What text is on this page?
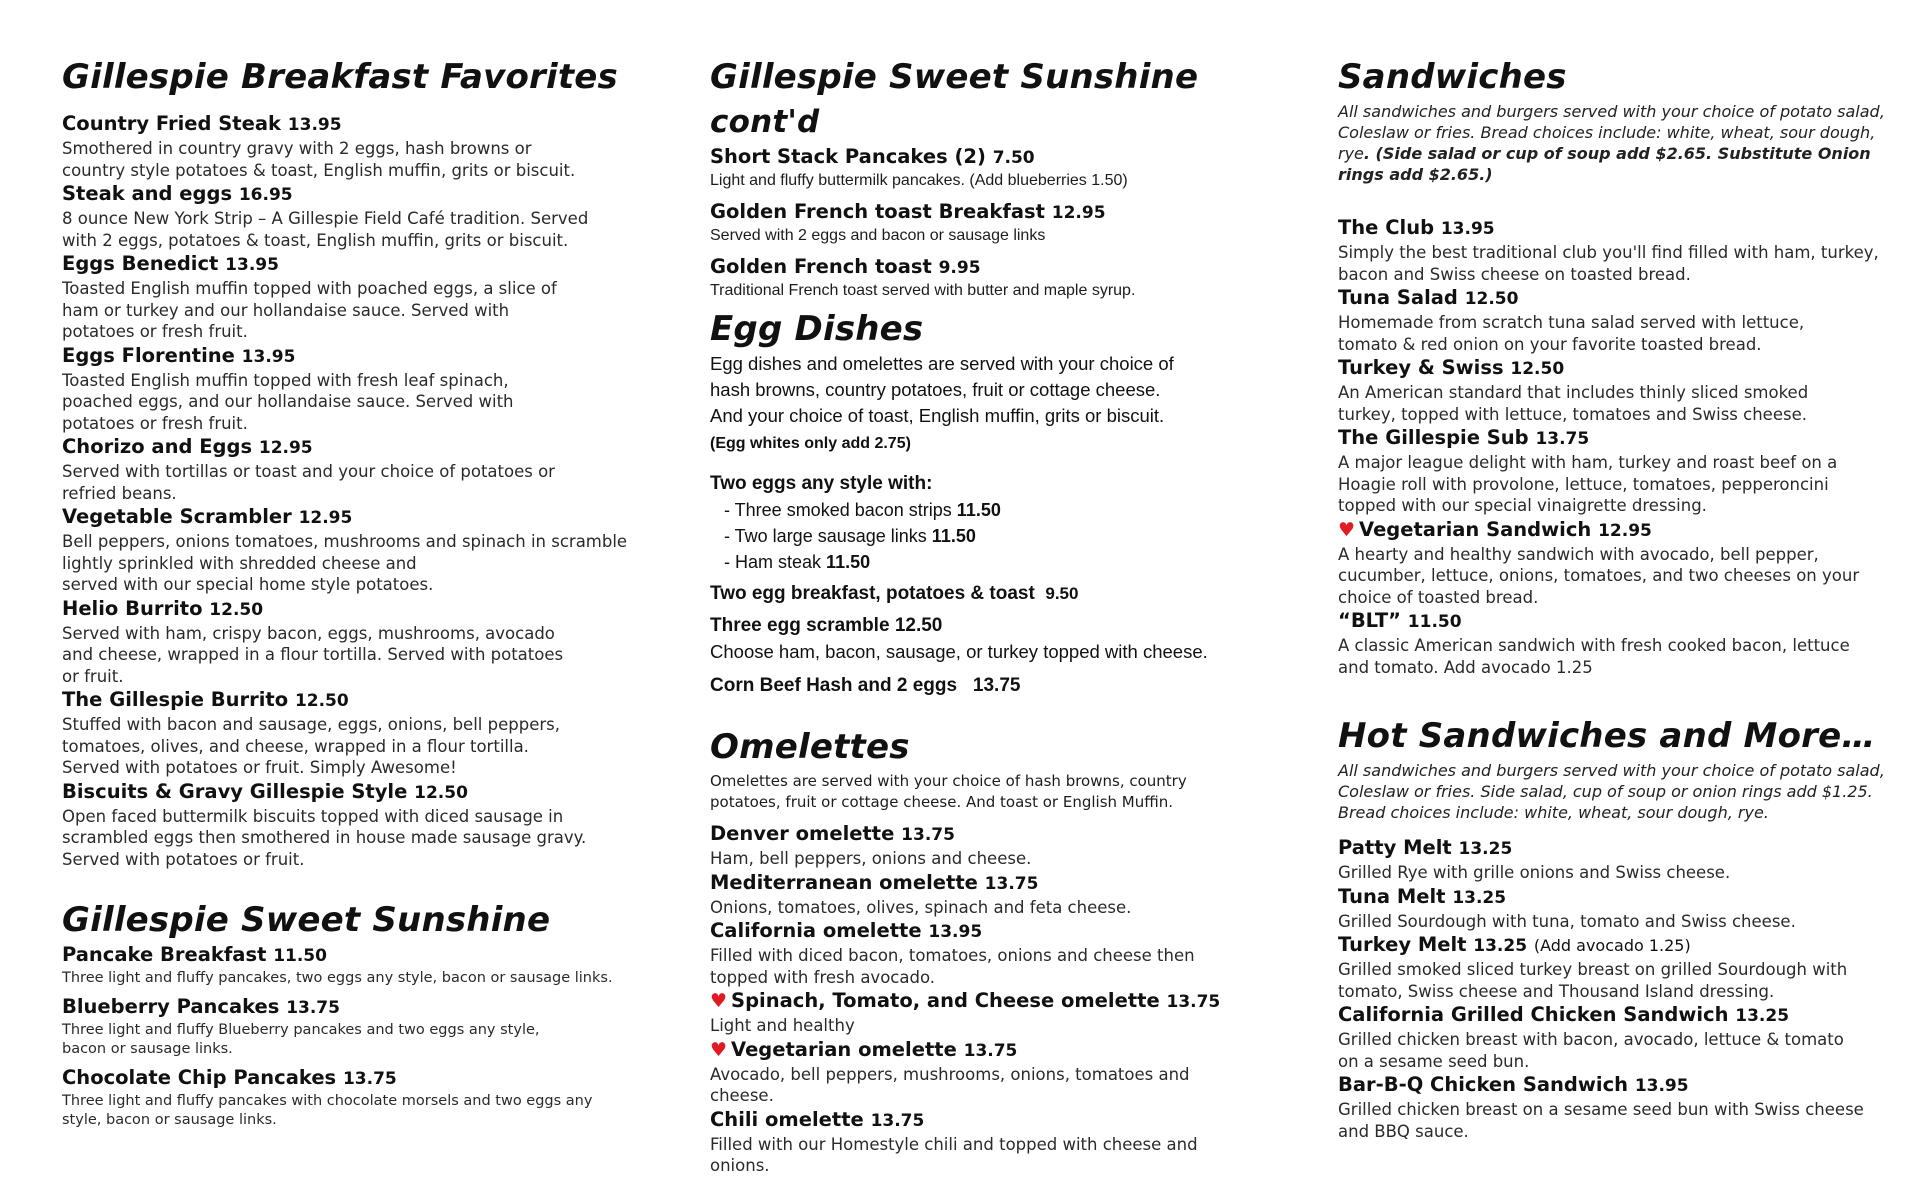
Gillespie Breakfast Favorites
Country Fried Steak 13.95

Smothered in country gravy with 2 eggs, hash browns or

country style potatoes & toast, English muffin, grits or biscuit.

Steak and eggs 16.95

8 ounce New York Strip – A Gillespie Field Café tradition. Served

with 2 eggs, potatoes & toast, English muffin, grits or biscuit.

Eggs Benedict 13.95

Toasted English muffin topped with poached eggs, a slice of

ham or turkey and our hollandaise sauce. Served with

potatoes or fresh fruit.

Eggs Florentine 13.95

Toasted English muffin topped with fresh leaf spinach,

poached eggs, and our hollandaise sauce. Served with

potatoes or fresh fruit.

Chorizo and Eggs 12.95

Served with tortillas or toast and your choice of potatoes or

refried beans.

Vegetable Scrambler 12.95

Bell peppers, onions tomatoes, mushrooms and spinach in scramble

lightly sprinkled with shredded cheese and

served with our special home style potatoes.

Helio Burrito 12.50

Served with ham, crispy bacon, eggs, mushrooms, avocado

and cheese, wrapped in a flour tortilla. Served with potatoes

or fruit.

The Gillespie Burrito 12.50

Stuffed with bacon and sausage, eggs, onions, bell peppers,

tomatoes, olives, and cheese, wrapped in a flour tortilla.

Served with potatoes or fruit. Simply Awesome!

Biscuits & Gravy Gillespie Style 12.50

Open faced buttermilk biscuits topped with diced sausage in

scrambled eggs then smothered in house made sausage gravy.

Served with potatoes or fruit.

Gillespie Sweet Sunshine
Pancake Breakfast 11.50

Three light and fluffy pancakes, two eggs any style, bacon or sausage links.

Blueberry Pancakes 13.75

Three light and fluffy Blueberry pancakes and two eggs any style,

bacon or sausage links.

Chocolate Chip Pancakes 13.75

Three light and fluffy pancakes with chocolate morsels and two eggs any

style, bacon or sausage links.

Gillespie Sweet Sunshine cont'd
Short Stack Pancakes (2) 7.50

Light and fluffy buttermilk pancakes. (Add blueberries 1.50)

Golden French toast Breakfast 12.95

Served with 2 eggs and bacon or sausage links

Golden French toast 9.95

Traditional French toast served with butter and maple syrup.

Egg Dishes

Egg dishes and omelettes are served with your choice of

hash browns, country potatoes, fruit or cottage cheese.

And your choice of toast, English muffin, grits or biscuit.

(Egg whites only add 2.75)

Two eggs any style with:

- Three smoked bacon strips 11.50

- Two large sausage links 11.50

- Ham steak 11.50

Two egg breakfast, potatoes & toast 9.50

Three egg scramble 12.50

Choose ham, bacon, sausage, or turkey topped with cheese.

Corn Beef Hash and 2 eggs 13.75

Omelettes

Omelettes are served with your choice of hash browns, country

potatoes, fruit or cottage cheese. And toast or English Muffin.

Denver omelette 13.75

Ham, bell peppers, onions and cheese.

Mediterranean omelette 13.75

Onions, tomatoes, olives, spinach and feta cheese.

California omelette 13.95

Filled with diced bacon, tomatoes, onions and cheese then

topped with fresh avocado.

♥ Spinach, Tomato, and Cheese omelette 13.75

Light and healthy

♥ Vegetarian omelette 13.75

Avocado, bell peppers, mushrooms, onions, tomatoes and

cheese.

Chili omelette 13.75

Filled with our Homestyle chili and topped with cheese and

onions.

Sandwiches

All sandwiches and burgers served with your choice of potato salad, Coleslaw or fries. Bread choices include: white, wheat, sour dough, rye. (Side salad or cup of soup add $2.65. Substitute Onion rings add $2.65.)

The Club 13.95

Simply the best traditional club you'll find filled with ham, turkey,

bacon and Swiss cheese on toasted bread.

Tuna Salad 12.50

Homemade from scratch tuna salad served with lettuce,

tomato & red onion on your favorite toasted bread.

Turkey & Swiss 12.50

An American standard that includes thinly sliced smoked

turkey, topped with lettuce, tomatoes and Swiss cheese.

The Gillespie Sub 13.75

A major league delight with ham, turkey and roast beef on a

Hoagie roll with provolone, lettuce, tomatoes, pepperoncini

topped with our special vinaigrette dressing.

♥ Vegetarian Sandwich 12.95

A hearty and healthy sandwich with avocado, bell pepper,

cucumber, lettuce, onions, tomatoes, and two cheeses on your

choice of toasted bread.

“BLT” 11.50

A classic American sandwich with fresh cooked bacon, lettuce

and tomato. Add avocado 1.25

Hot Sandwiches and More…

All sandwiches and burgers served with your choice of potato salad, Coleslaw or fries. Side salad, cup of soup or onion rings add $1.25. Bread choices include: white, wheat, sour dough, rye.

Patty Melt 13.25

Grilled Rye with grille onions and Swiss cheese.

Tuna Melt 13.25

Grilled Sourdough with tuna, tomato and Swiss cheese.

Turkey Melt 13.25 (Add avocado 1.25)

Grilled smoked sliced turkey breast on grilled Sourdough with

tomato, Swiss cheese and Thousand Island dressing.

California Grilled Chicken Sandwich 13.25

Grilled chicken breast with bacon, avocado, lettuce & tomato

on a sesame seed bun.

Bar-B-Q Chicken Sandwich 13.95

Grilled chicken breast on a sesame seed bun with Swiss cheese

and BBQ sauce.
